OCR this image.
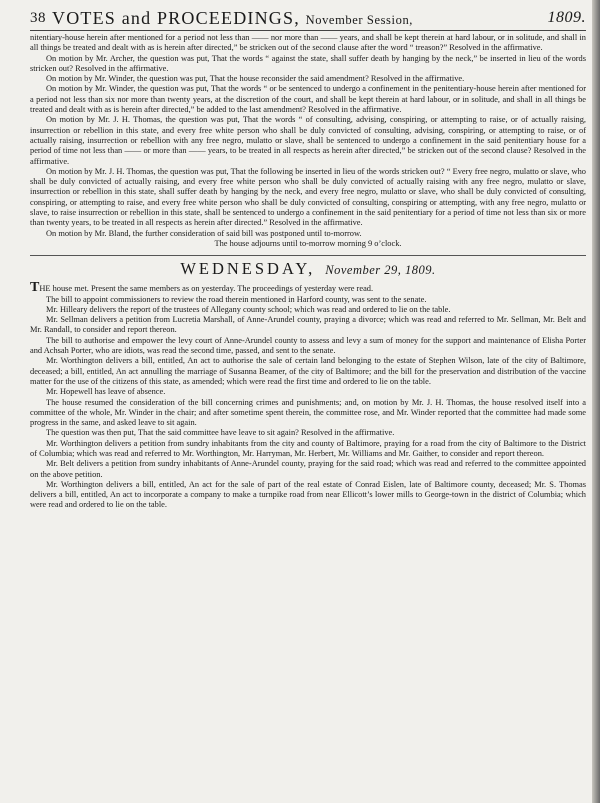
38 VOTES and PROCEEDINGS, November Session,	1809.

nitentiary-house herein after mentioned for a period not less than —— nor more than —— years, and shall be kept therein at hard labour, or in solitude, and shall in all things be treated and dealt with as is herein after directed,” be stricken out of the second clause after the word “ treason?” Resolved in the affirmative.

On motion by Mr. Archer, the question was put, That the words “ against the state, shall suffer death by hanging by the neck,” be inserted in lieu of the words stricken out? Resolved in the affirmative.

On motion by Mr. Winder, the question was put, That the house reconsider the said amendment? Resolved in the affirmative.

On motion by Mr. Winder, the question was put, That the words “ or be sentenced to undergo a confinement in the penitentiary-house herein after mentioned for a period not less than six nor more than twenty years, at the discretion of the court, and shall be kept therein at hard labour, or in solitude, and shall in all things be treated and dealt with as is herein after directed,” be added to the last amendment? Resolved in the affirmative.

On motion by Mr. J. H. Thomas, the question was put, That the words “ of consulting, advising, conspiring, or attempting to raise, or of actually raising, insurrection or rebellion in this state, and every free white person who shall be duly convicted of consulting, advising, conspiring, or attempting to raise, or of actually raising, insurrection or rebellion with any free negro, mulatto or slave, shall be sentenced to undergo a confinement in the said penitentiary house for a period of time not less than —— or more than —— years, to be treated in all respects as herein after directed,” be stricken out of the second clause? Resolved in the affirmative.

On motion by Mr. J. H. Thomas, the question was put, That the following be inserted in lieu of the words stricken out? “ Every free negro, mulatto or slave, who shall be duly convicted of actually raising, and every free white person who shall be duly convicted of actually raising with any free negro, mulatto or slave, insurrection or rebellion in this state, shall suffer death by hanging by the neck, and every free negro, mulatto or slave, who shall be duly convicted of consulting, conspiring, or attempting to raise, and every free white person who shall be duly convicted of consulting, conspiring or attempting, with any free negro, mulatto or slave, to raise insurrection or rebellion in this state, shall be sentenced to undergo a confinement in the said penitentiary for a period of time not less than six or more than twenty years, to be treated in all respects as herein after directed.” Resolved in the affirmative.

On motion by Mr. Bland, the further consideration of said bill was postponed until to-morrow.

The house adjourns until to-morrow morning 9 o’clock.

WEDNESDAY, November 29, 1809.

THE house met. Present the same members as on yesterday. The proceedings of yesterday were read.

The bill to appoint commissioners to review the road therein mentioned in Harford county, was sent to the senate.

Mr. Hilleary delivers the report of the trustees of Allegany county school; which was read and ordered to lie on the table.

Mr. Sellman delivers a petition from Lucretia Marshall, of Anne-Arundel county, praying a divorce; which was read and referred to Mr. Sellman, Mr. Belt and Mr. Randall, to consider and report thereon.

The bill to authorise and empower the levy court of Anne-Arundel county to assess and levy a sum of money for the support and maintenance of Elisha Porter and Achsah Porter, who are idiots, was read the second time, passed, and sent to the senate.

Mr. Worthington delivers a bill, entitled, An act to authorise the sale of certain land belonging to the estate of Stephen Wilson, late of the city of Baltimore, deceased; a bill, entitled, An act annulling the marriage of Susanna Beamer, of the city of Baltimore; and the bill for the preservation and distribution of the vaccine matter for the use of the citizens of this state, as amended; which were read the first time and ordered to lie on the table.

Mr. Hopewell has leave of absence.

The house resumed the consideration of the bill concerning crimes and punishments; and, on motion by Mr. J. H. Thomas, the house resolved itself into a committee of the whole, Mr. Winder in the chair; and after sometime spent therein, the committee rose, and Mr. Winder reported that the committee had made some progress in the same, and asked leave to sit again.

The question was then put, That the said committee have leave to sit again? Resolved in the affirmative.

Mr. Worthington delivers a petition from sundry inhabitants from the city and county of Baltimore, praying for a road from the city of Baltimore to the District of Columbia; which was read and referred to Mr. Worthington, Mr. Harryman, Mr. Herbert, Mr. Williams and Mr. Gaither, to consider and report thereon.

Mr. Belt delivers a petition from sundry inhabitants of Anne-Arundel county, praying for the said road; which was read and referred to the committee appointed on the above petition.

Mr. Worthington delivers a bill, entitled, An act for the sale of part of the real estate of Conrad Eislen, late of Baltimore county, deceased; Mr. S. Thomas delivers a bill, entitled, An act to incorporate a company to make a turnpike road from near Ellicott’s lower mills to George-town in the district of Columbia; which were read and ordered to lie on the table.
